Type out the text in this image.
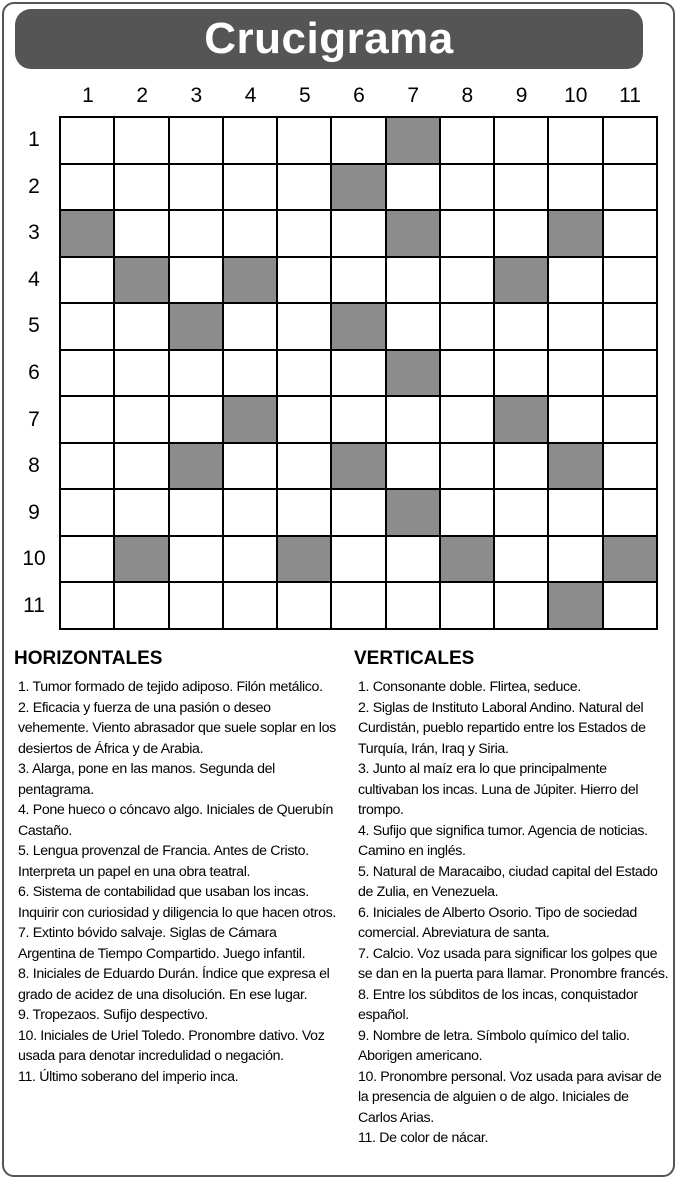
Crucigrama
1	2	3	4	5	6	7	8	9	10	11
1
2
3
4
5
6
7
8
9
10
11
HORIZONTALES
1. Tumor formado de tejido adiposo. Filón metálico.
2. Eficacia y fuerza de una pasión o deseo vehemente. Viento abrasador que suele soplar en los desiertos de África y de Arabia.
3. Alarga, pone en las manos. Segunda del pentagrama.
4. Pone hueco o cóncavo algo. Iniciales de Querubín Castaño.
5. Lengua provenzal de Francia. Antes de Cristo. Interpreta un papel en una obra teatral.
6. Sistema de contabilidad que usaban los incas. Inquirir con curiosidad y diligencia lo que hacen otros.
7. Extinto bóvido salvaje. Siglas de Cámara Argentina de Tiempo Compartido. Juego infantil.
8. Iniciales de Eduardo Durán. Índice que expresa el grado de acidez de una disolución. En ese lugar.
9. Tropezaos. Sufijo despectivo.
10. Iniciales de Uriel Toledo. Pronombre dativo. Voz usada para denotar incredulidad o negación.
11. Último soberano del imperio inca.
VERTICALES
1. Consonante doble. Flirtea, seduce.
2. Siglas de Instituto Laboral Andino. Natural del Curdistán, pueblo repartido entre los Estados de Turquía, Irán, Iraq y Siria.
3. Junto al maíz era lo que principalmente cultivaban los incas. Luna de Júpiter. Hierro del trompo.
4. Sufijo que significa tumor. Agencia de noticias. Camino en inglés.
5. Natural de Maracaibo, ciudad capital del Estado de Zulia, en Venezuela.
6. Iniciales de Alberto Osorio. Tipo de sociedad comercial. Abreviatura de santa.
7. Calcio. Voz usada para significar los golpes que se dan en la puerta para llamar. Pronombre francés.
8. Entre los súbditos de los incas, conquistador español.
9. Nombre de letra. Símbolo químico del talio. Aborigen americano.
10. Pronombre personal. Voz usada para avisar de la presencia de alguien o de algo. Iniciales de Carlos Arias.
11. De color de nácar.
